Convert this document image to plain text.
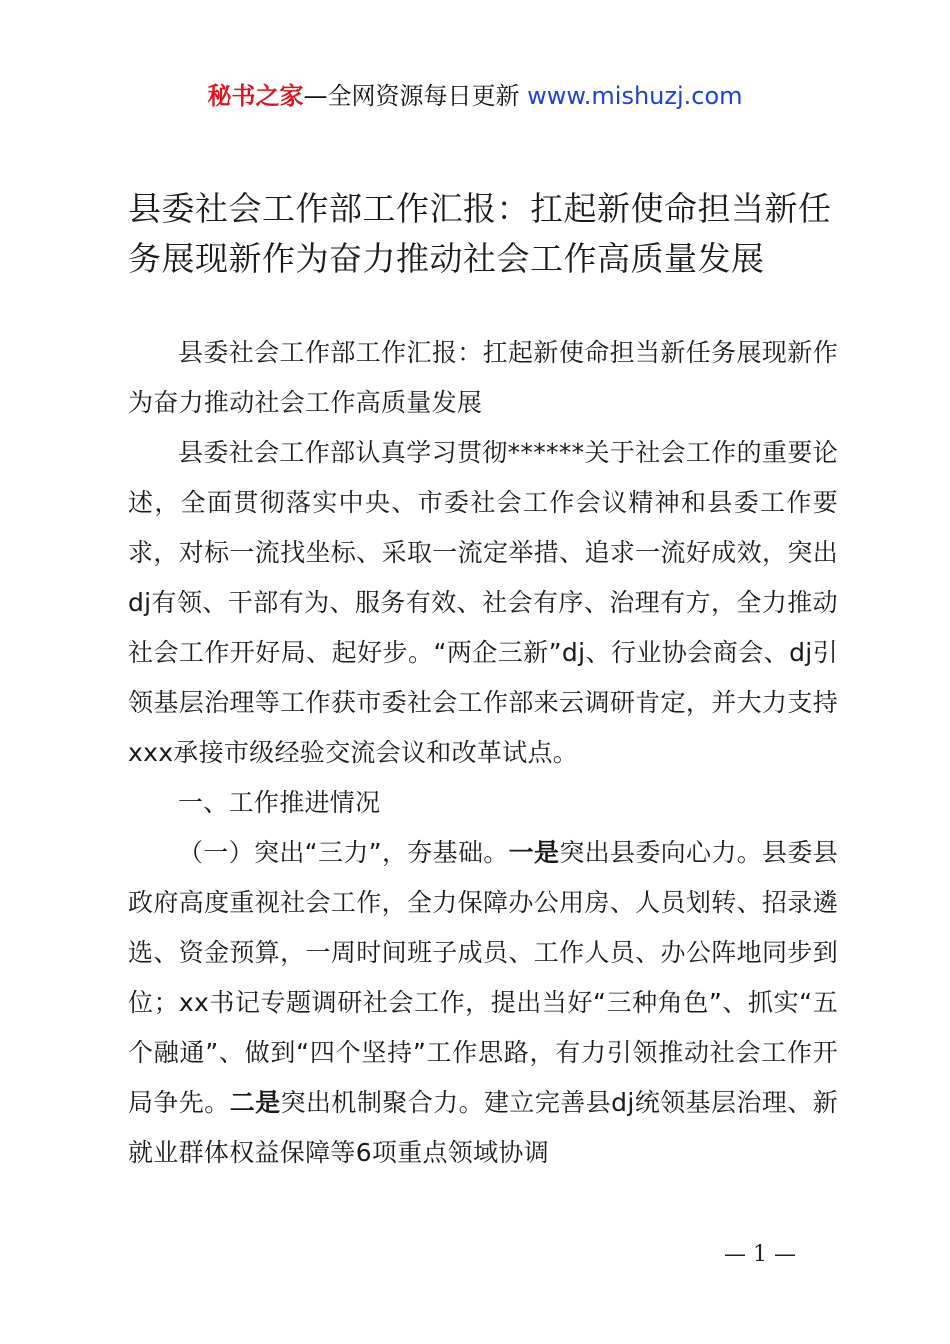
秘书之家—全网资源每日更新 www.mishuzj.com
县委社会工作部工作汇报：扛起新使命担当新任务展现新作为奋力推动社会工作高质量发展

县委社会工作部工作汇报：扛起新使命担当新任务展现新作为奋力推动社会工作高质量发展

县委社会工作部认真学习贯彻******关于社会工作的重要论述，全面贯彻落实中央、市委社会工作会议精神和县委工作要求，对标一流找坐标、采取一流定举措、追求一流好成效，突出dj有领、干部有为、服务有效、社会有序、治理有方，全力推动社会工作开好局、起好步。“两企三新”dj、行业协会商会、dj引领基层治理等工作获市委社会工作部来云调研肯定，并大力支持xxx承接市级经验交流会议和改革试点。

一、工作推进情况

（一）突出“三力”，夯基础。一是突出县委向心力。县委县政府高度重视社会工作，全力保障办公用房、人员划转、招录遴选、资金预算，一周时间班子成员、工作人员、办公阵地同步到位；xx书记专题调研社会工作，提出当好“三种角色”、抓实“五个融通”、做到“四个坚持”工作思路，有力引领推动社会工作开局争先。二是突出机制聚合力。建立完善县dj统领基层治理、新就业群体权益保障等6项重点领域协调

— 1 —
